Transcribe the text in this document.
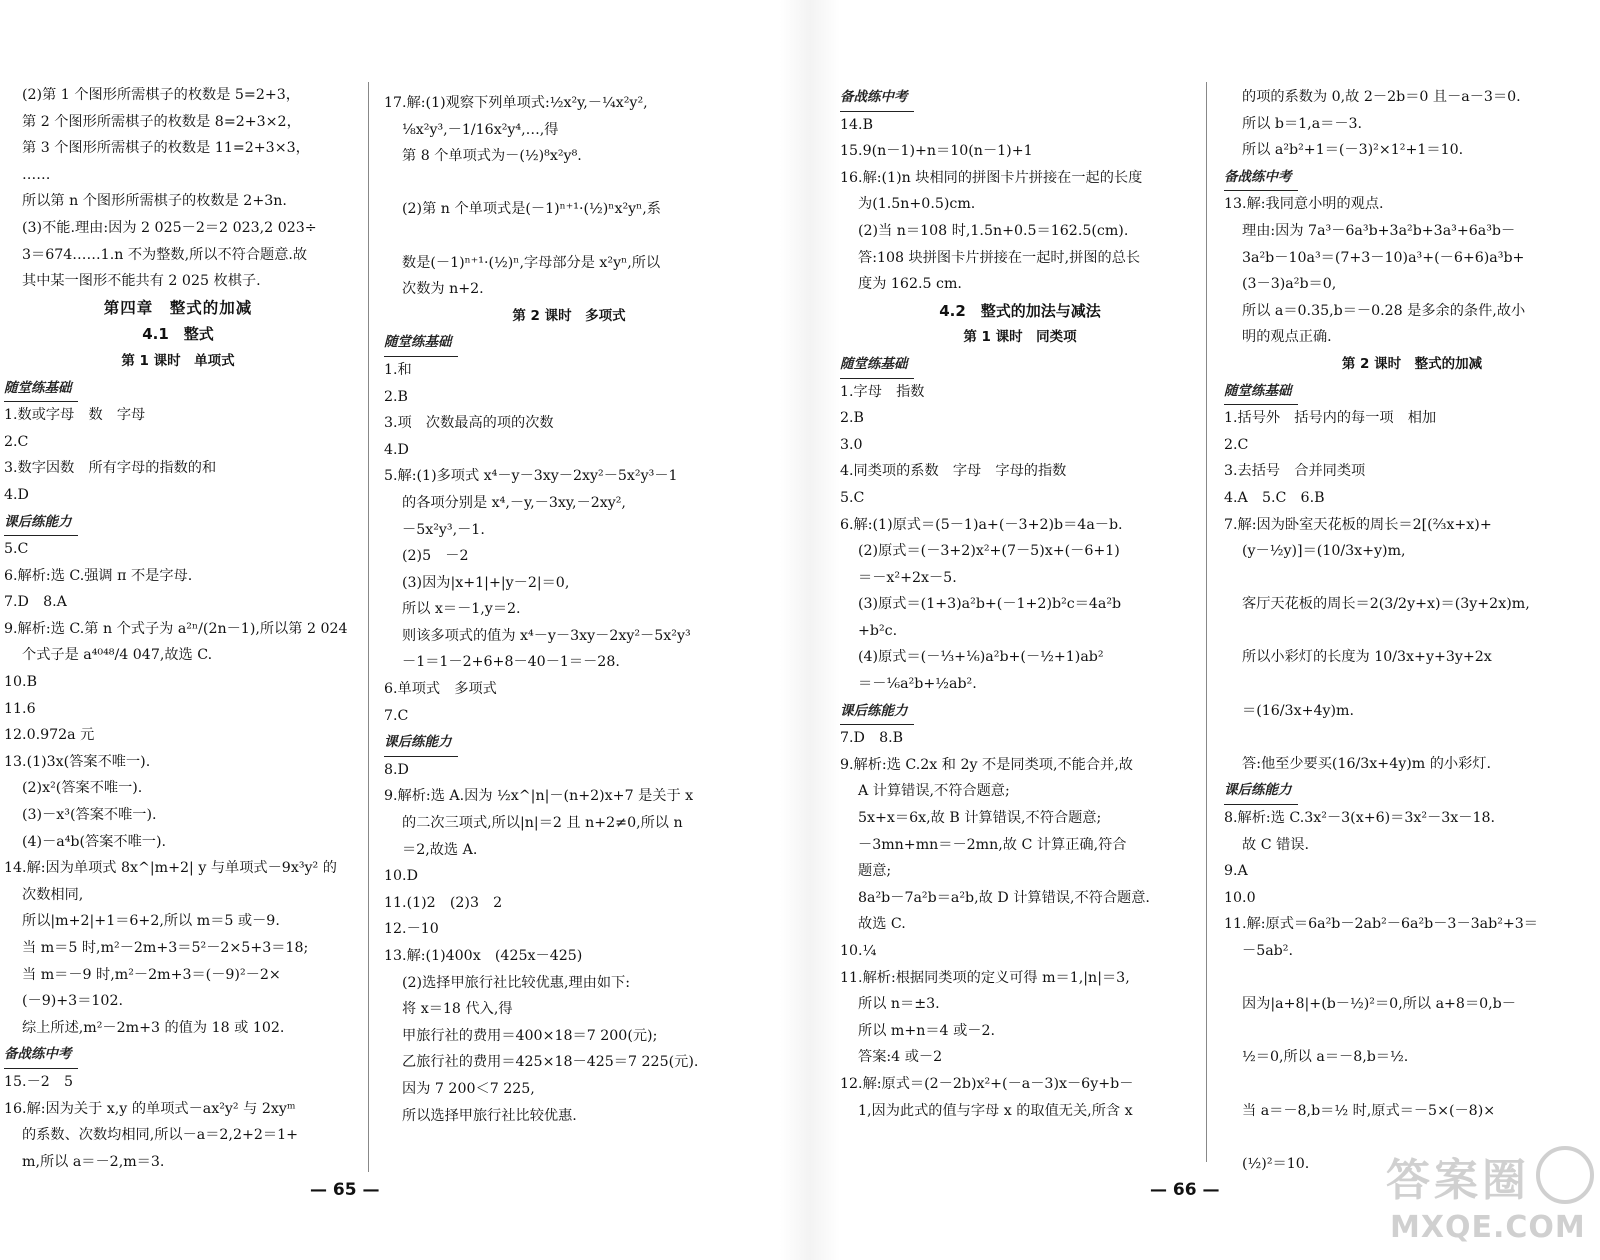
(2)第 1 个图形所需棋子的枚数是 5=2+3，
第 2 个图形所需棋子的枚数是 8=2+3×2，
第 3 个图形所需棋子的枚数是 11=2+3×3，
……
所以第 n 个图形所需棋子的枚数是 2+3n.
(3)不能.理由:因为 2 025－2＝2 023,2 023÷
3＝674……1.n 不为整数,所以不符合题意.故
其中某一图形不能共有 2 025 枚棋子.
第四章　整式的加减
4.1　整式
第 1 课时　单项式
随堂练基础
1.数或字母　数　字母
2.C
3.数字因数　所有字母的指数的和
4.D
课后练能力
5.C
6.解析:选 C.强调 π 不是字母.
7.D　8.A
9.解析:选 C.第 n 个式子为 a²ⁿ/(2n－1),所以第 2 024
个式子是 a⁴⁰⁴⁸/4 047,故选 C.
10.B
11.6
12.0.972a 元
13.(1)3x(答案不唯一).
(2)x²(答案不唯一).
(3)－x³(答案不唯一).
(4)－a⁴b(答案不唯一).
14.解:因为单项式 8x^|m+2| y 与单项式－9x³y² 的
次数相同,
所以|m+2|+1＝6+2,所以 m＝5 或－9.
当 m＝5 时,m²－2m+3＝5²－2×5+3＝18;
当 m＝－9 时,m²－2m+3＝(－9)²－2×
(－9)+3＝102.
综上所述,m²－2m+3 的值为 18 或 102.
备战练中考
15.－2　5
16.解:因为关于 x,y 的单项式－ax²y² 与 2xyᵐ
的系数、次数均相同,所以－a＝2,2+2＝1+
m,所以 a＝－2,m＝3.
17.解:(1)观察下列单项式:½x²y,－¼x²y²,
⅛x²y³,－1/16x²y⁴,…,得
第 8 个单项式为－(½)⁸x²y⁸.
(2)第 n 个单项式是(－1)ⁿ⁺¹·(½)ⁿx²yⁿ,系
数是(－1)ⁿ⁺¹·(½)ⁿ,字母部分是 x²yⁿ,所以
次数为 n+2.
第 2 课时　多项式
随堂练基础
1.和
2.B
3.项　次数最高的项的次数
4.D
5.解:(1)多项式 x⁴－y－3xy－2xy²－5x²y³－1
的各项分别是 x⁴,－y,－3xy,－2xy²,
－5x²y³,－1.
(2)5　－2
(3)因为|x+1|+|y－2|＝0,
所以 x＝－1,y＝2.
则该多项式的值为 x⁴－y－3xy－2xy²－5x²y³
－1＝1－2+6+8－40－1＝－28.
6.单项式　多项式
7.C
课后练能力
8.D
9.解析:选 A.因为 ½x^|n|－(n+2)x+7 是关于 x
的二次三项式,所以|n|＝2 且 n+2≠0,所以 n
＝2,故选 A.
10.D
11.(1)2　(2)3　2
12.－10
13.解:(1)400x　(425x－425)
(2)选择甲旅行社比较优惠,理由如下:
将 x＝18 代入,得
甲旅行社的费用＝400×18＝7 200(元);
乙旅行社的费用＝425×18－425＝7 225(元).
因为 7 200＜7 225,
所以选择甲旅行社比较优惠.
备战练中考
14.B
15.9(n－1)+n＝10(n－1)+1
16.解:(1)n 块相同的拼图卡片拼接在一起的长度
为(1.5n+0.5)cm.
(2)当 n＝108 时,1.5n+0.5＝162.5(cm).
答:108 块拼图卡片拼接在一起时,拼图的总长
度为 162.5 cm.
4.2　整式的加法与减法
第 1 课时　同类项
随堂练基础
1.字母　指数
2.B
3.0
4.同类项的系数　字母　字母的指数
5.C
6.解:(1)原式＝(5－1)a+(－3+2)b＝4a－b.
(2)原式＝(－3+2)x²+(7－5)x+(－6+1)
＝－x²+2x－5.
(3)原式＝(1+3)a²b+(－1+2)b²c＝4a²b
+b²c.
(4)原式＝(－⅓+⅙)a²b+(－½+1)ab²
＝－⅙a²b+½ab².
课后练能力
7.D　8.B
9.解析:选 C.2x 和 2y 不是同类项,不能合并,故
A 计算错误,不符合题意;
5x+x＝6x,故 B 计算错误,不符合题意;
－3mn+mn＝－2mn,故 C 计算正确,符合
题意;
8a²b－7a²b＝a²b,故 D 计算错误,不符合题意.
故选 C.
10.¼
11.解析:根据同类项的定义可得 m＝1,|n|＝3,
所以 n＝±3.
所以 m+n＝4 或－2.
答案:4 或－2
12.解:原式＝(2－2b)x²+(－a－3)x－6y+b－
1,因为此式的值与字母 x 的取值无关,所含 x
的项的系数为 0,故 2－2b＝0 且－a－3＝0.
所以 b＝1,a＝－3.
所以 a²b²+1＝(－3)²×1²+1＝10.
备战练中考
13.解:我同意小明的观点.
理由:因为 7a³－6a³b+3a²b+3a³+6a³b－
3a²b－10a³＝(7+3－10)a³+(－6+6)a³b+
(3－3)a²b＝0,
所以 a＝0.35,b＝－0.28 是多余的条件,故小
明的观点正确.
第 2 课时　整式的加减
随堂练基础
1.括号外　括号内的每一项　相加
2.C
3.去括号　合并同类项
4.A　5.C　6.B
7.解:因为卧室天花板的周长＝2[(⅔x+x)+
(y－½y)]＝(10/3x+y)m,
客厅天花板的周长＝2(3/2y+x)＝(3y+2x)m,
所以小彩灯的长度为 10/3x+y+3y+2x
＝(16/3x+4y)m.
答:他至少要买(16/3x+4y)m 的小彩灯.
课后练能力
8.解析:选 C.3x²－3(x+6)＝3x²－3x－18.
故 C 错误.
9.A
10.0
11.解:原式＝6a²b－2ab²－6a²b－3－3ab²+3＝
－5ab².
因为|a+8|+(b－½)²＝0,所以 a+8＝0,b－
½＝0,所以 a＝－8,b＝½.
当 a＝－8,b＝½ 时,原式＝－5×(－8)×
(½)²＝10.
— 65 —	— 66 —	答案圈
MXQE.COM
